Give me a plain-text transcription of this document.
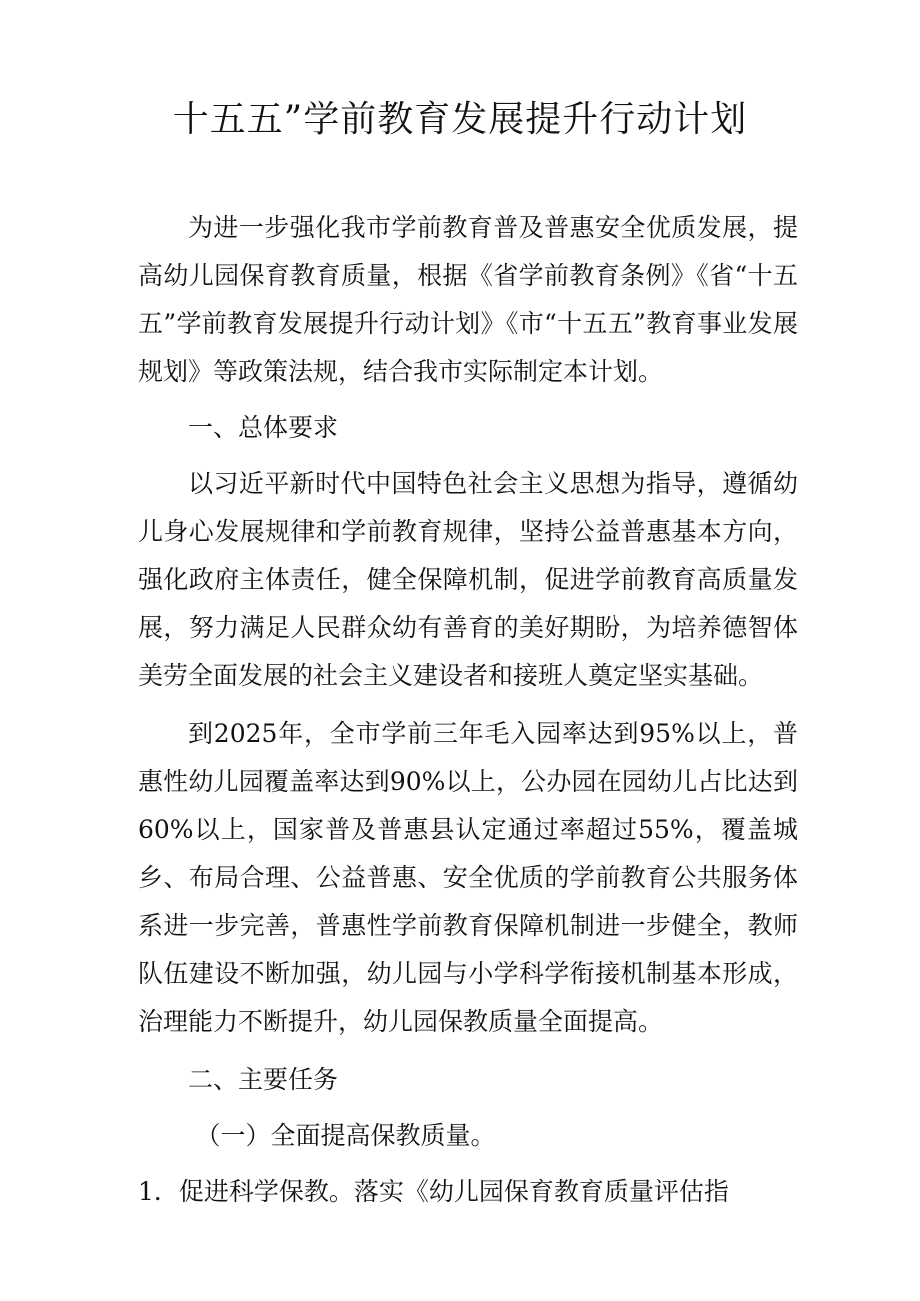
十五五”学前教育发展提升行动计划

为进一步强化我市学前教育普及普惠安全优质发展，提高幼儿园保育教育质量，根据《省学前教育条例》《省“十五五”学前教育发展提升行动计划》《市“十五五”教育事业发展规划》等政策法规，结合我市实际制定本计划。

一、总体要求

以习近平新时代中国特色社会主义思想为指导，遵循幼儿身心发展规律和学前教育规律，坚持公益普惠基本方向，强化政府主体责任，健全保障机制，促进学前教育高质量发展，努力满足人民群众幼有善育的美好期盼，为培养德智体美劳全面发展的社会主义建设者和接班人奠定坚实基础。

到2025年，全市学前三年毛入园率达到95%以上，普惠性幼儿园覆盖率达到90%以上，公办园在园幼儿占比达到60%以上，国家普及普惠县认定通过率超过55%，覆盖城乡、布局合理、公益普惠、安全优质的学前教育公共服务体系进一步完善，普惠性学前教育保障机制进一步健全，教师队伍建设不断加强，幼儿园与小学科学衔接机制基本形成，治理能力不断提升，幼儿园保教质量全面提高。

二、主要任务

（一）全面提高保教质量。

1．促进科学保教。落实《幼儿园保育教育质量评估指
